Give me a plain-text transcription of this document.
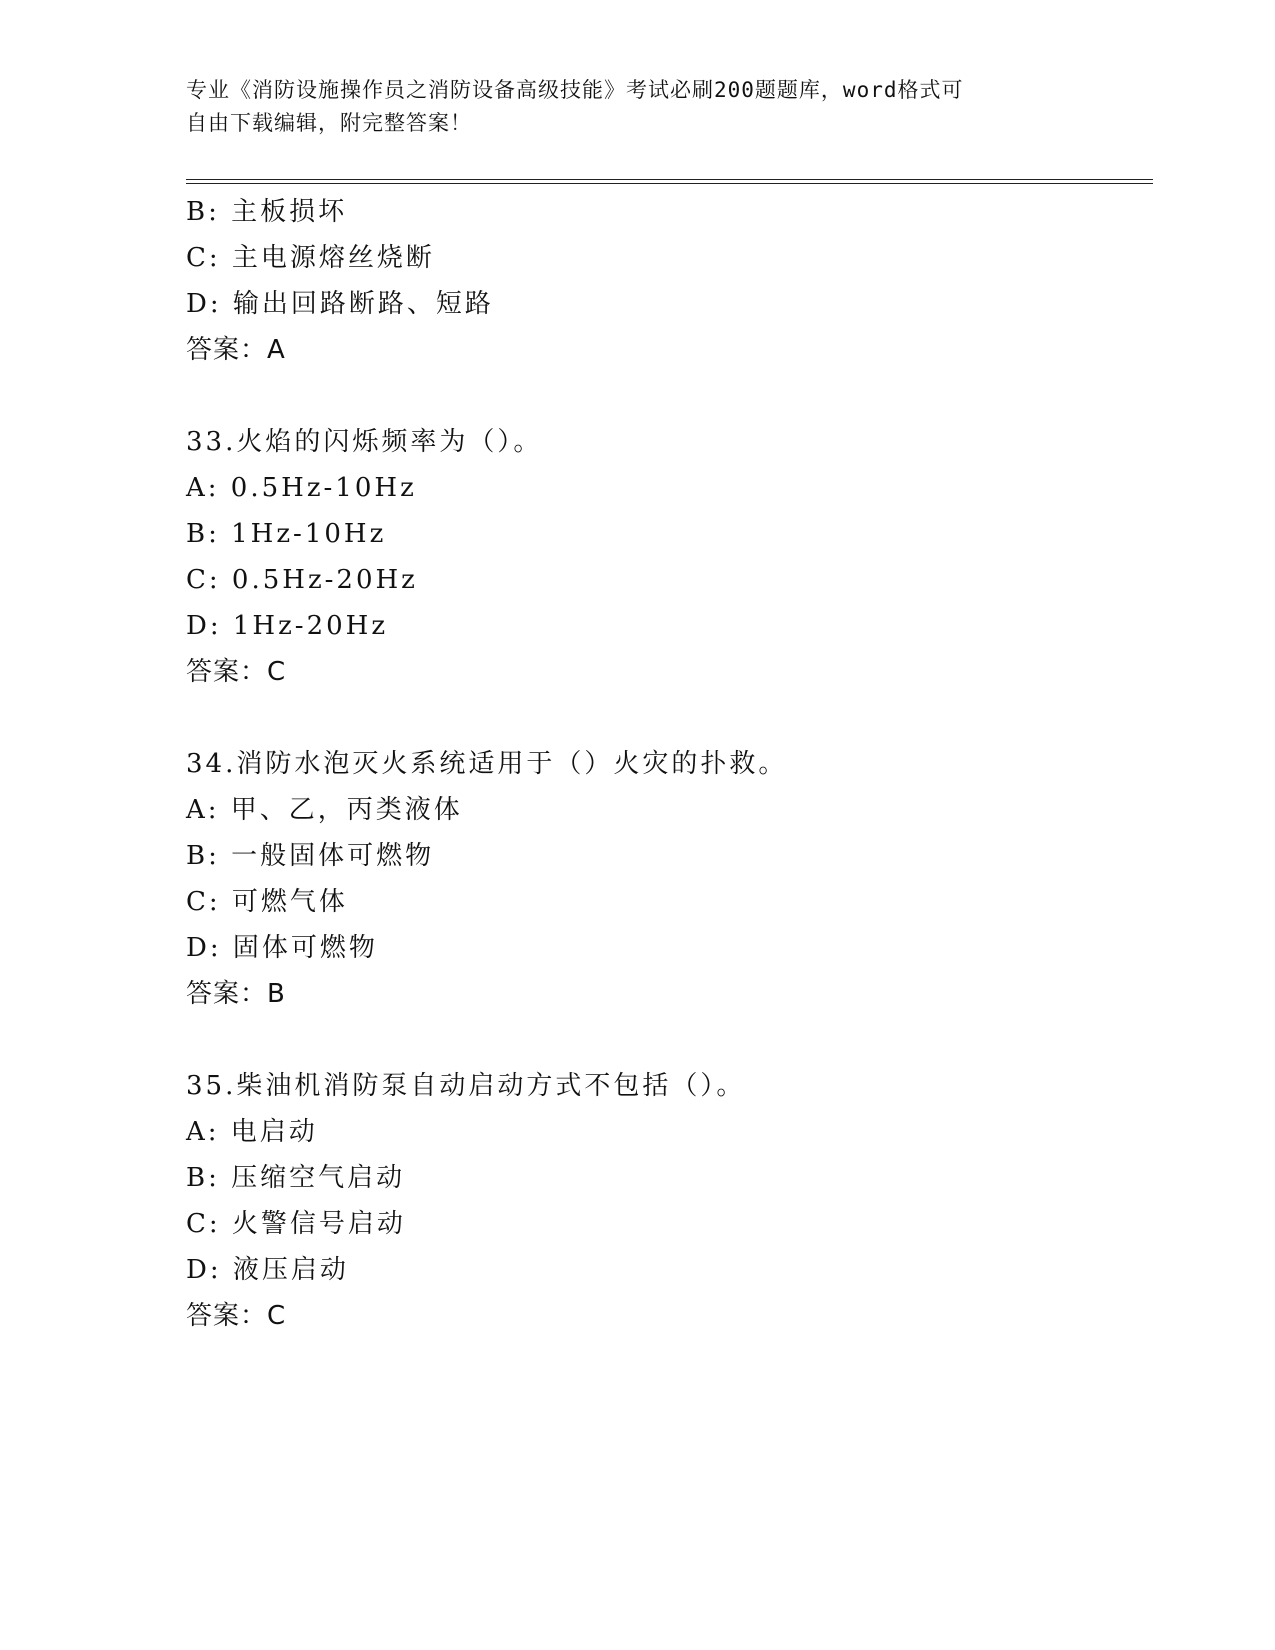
专业《消防设施操作员之消防设备高级技能》考试必刷200题题库，word格式可
自由下载编辑，附完整答案！
B: 主板损坏
C: 主电源熔丝烧断
D: 输出回路断路、短路
答案：A
33.火焰的闪烁频率为（）。
A: 0.5Hz-10Hz
B: 1Hz-10Hz
C: 0.5Hz-20Hz
D: 1Hz-20Hz
答案：C
34.消防水泡灭火系统适用于（）火灾的扑救。
A: 甲、乙，丙类液体
B: 一般固体可燃物
C: 可燃气体
D: 固体可燃物
答案：B
35.柴油机消防泵自动启动方式不包括（）。
A: 电启动
B: 压缩空气启动
C: 火警信号启动
D: 液压启动
答案：C
